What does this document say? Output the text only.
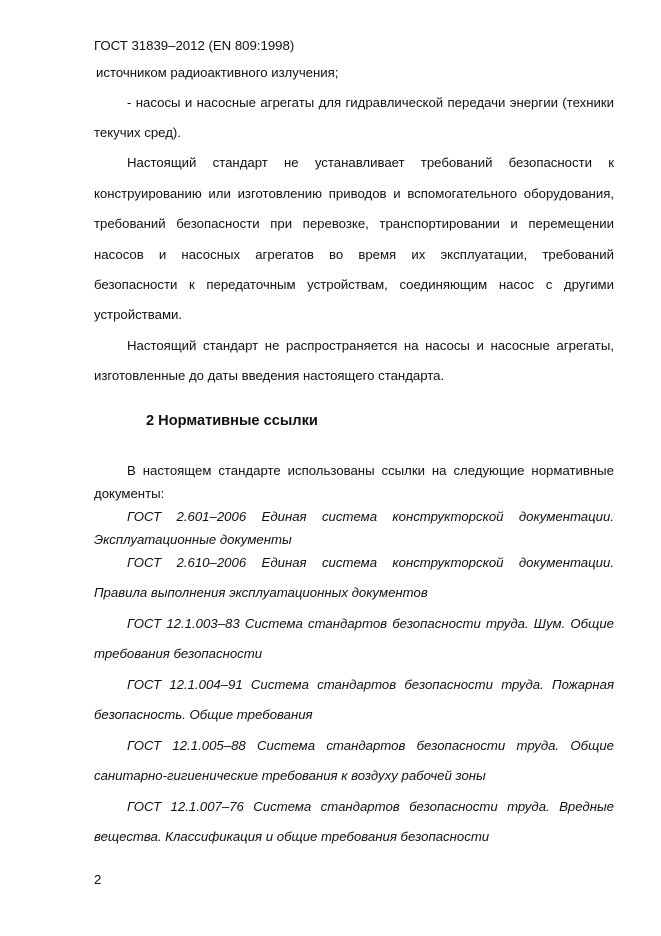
ГОСТ 31839–2012 (EN 809:1998)
источником радиоактивного излучения;
- насосы и насосные агрегаты для гидравлической передачи энергии (техники
текучих сред).
Настоящий стандарт не устанавливает требований безопасности к
конструированию или изготовлению приводов и вспомогательного оборудования,
требований безопасности при перевозке, транспортировании и перемещении
насосов и насосных агрегатов во время их эксплуатации, требований
безопасности к передаточным устройствам, соединяющим насос с другими
устройствами.
Настоящий стандарт не распространяется на насосы и насосные агрегаты,
изготовленные до даты введения настоящего стандарта.
2 Нормативные ссылки
В настоящем стандарте использованы ссылки на следующие нормативные
документы:
ГОСТ 2.601–2006 Единая система конструкторской документации.
Эксплуатационные документы
ГОСТ 2.610–2006 Единая система конструкторской документации.
Правила выполнения эксплуатационных документов
ГОСТ 12.1.003–83 Система стандартов безопасности труда. Шум. Общие
требования безопасности
ГОСТ 12.1.004–91 Система стандартов безопасности труда. Пожарная
безопасность. Общие требования
ГОСТ 12.1.005–88 Система стандартов безопасности труда. Общие
санитарно-гигиенические требования к воздуху рабочей зоны
ГОСТ 12.1.007–76 Система стандартов безопасности труда. Вредные
вещества. Классификация и общие требования безопасности
2
